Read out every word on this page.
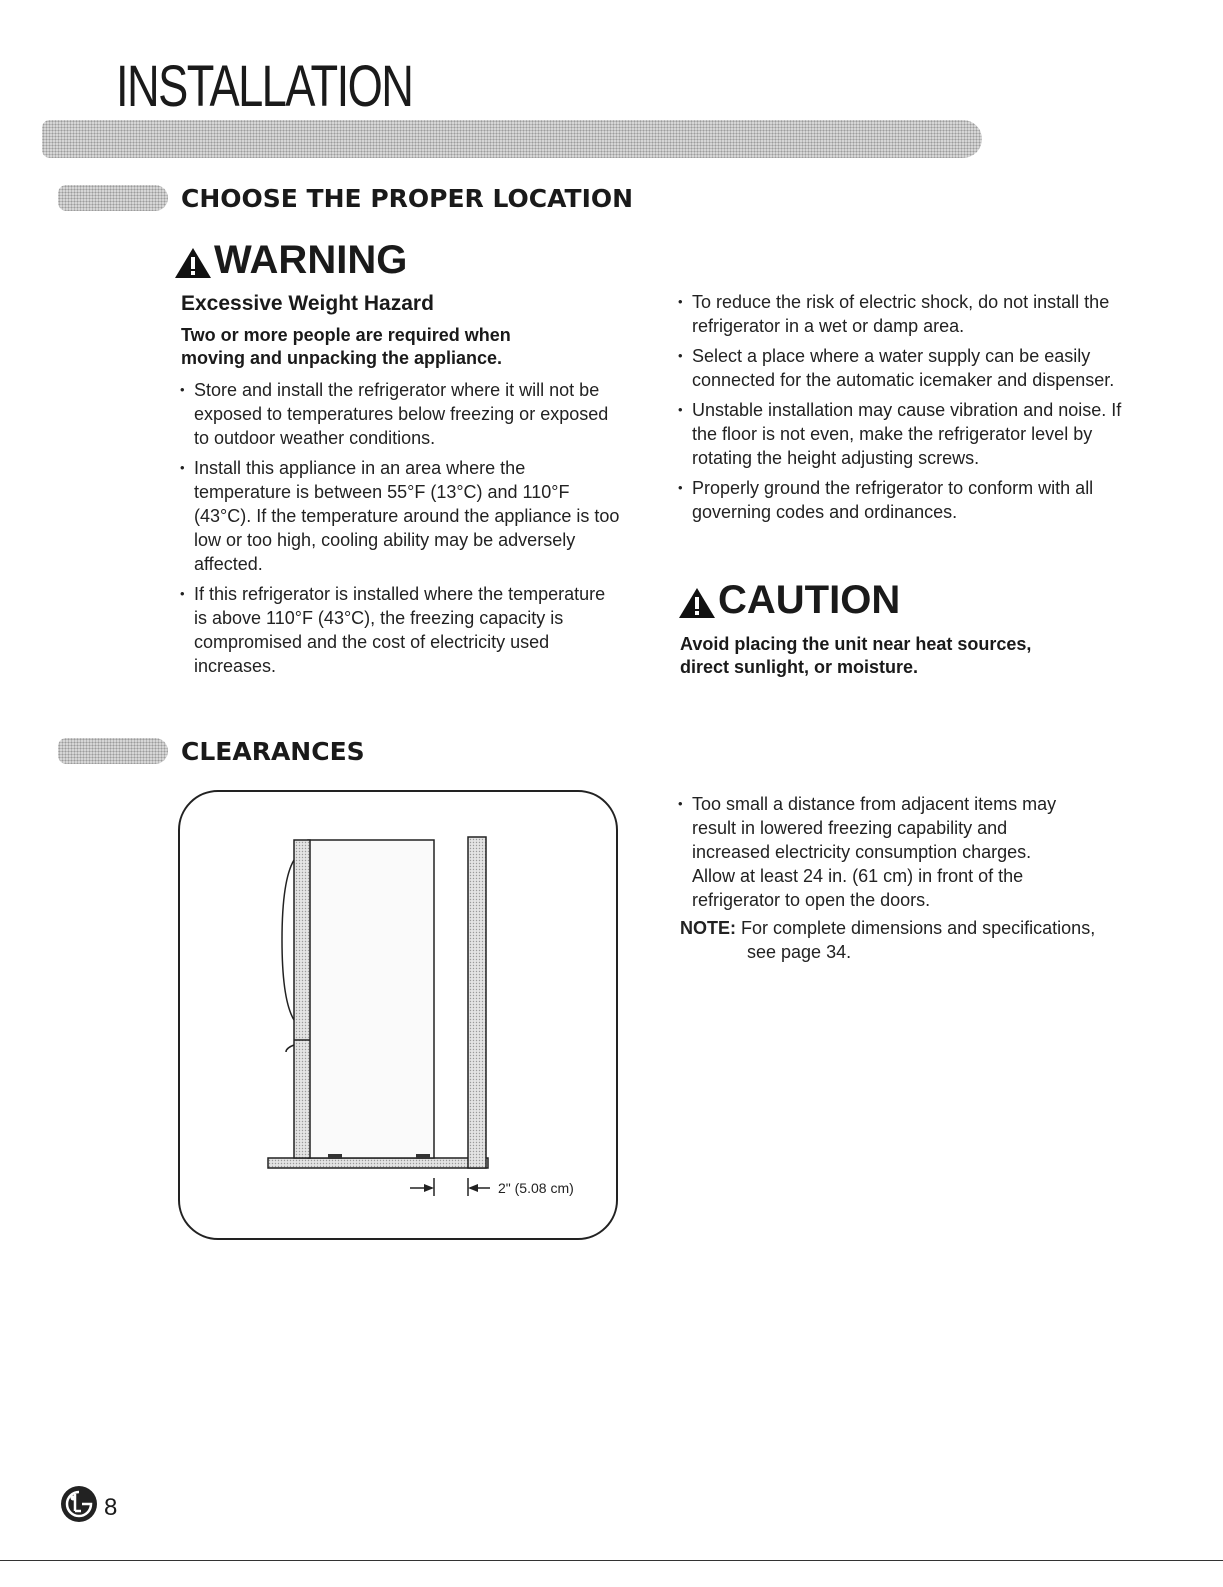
INSTALLATION
CHOOSE THE PROPER LOCATION
WARNING
Excessive Weight Hazard
Two or more people are required when
moving and unpacking the appliance.
• Store and install the refrigerator where it will not be exposed to temperatures below freezing or exposed to outdoor weather conditions.
• Install this appliance in an area where the temperature is between 55°F (13°C) and 110°F (43°C). If the temperature around the appliance is too low or too high, cooling ability may be adversely affected.
• If this refrigerator is installed where the temperature is above 110°F (43°C), the freezing capacity is compromised and the cost of electricity used increases.
• To reduce the risk of electric shock, do not install the refrigerator in a wet or damp area.
• Select a place where a water supply can be easily connected for the automatic icemaker and dispenser.
• Unstable installation may cause vibration and noise. If the floor is not even, make the refrigerator level by rotating the height adjusting screws.
• Properly ground the refrigerator to conform with all governing codes and ordinances.
CAUTION
Avoid placing the unit near heat sources,
direct sunlight, or moisture.
CLEARANCES
2" (5.08 cm)
• Too small a distance from adjacent items may result in lowered freezing capability and increased electricity consumption charges. Allow at least 24 in. (61 cm) in front of the refrigerator to open the doors.
NOTE: For complete dimensions and specifications,
see page 34.
8
